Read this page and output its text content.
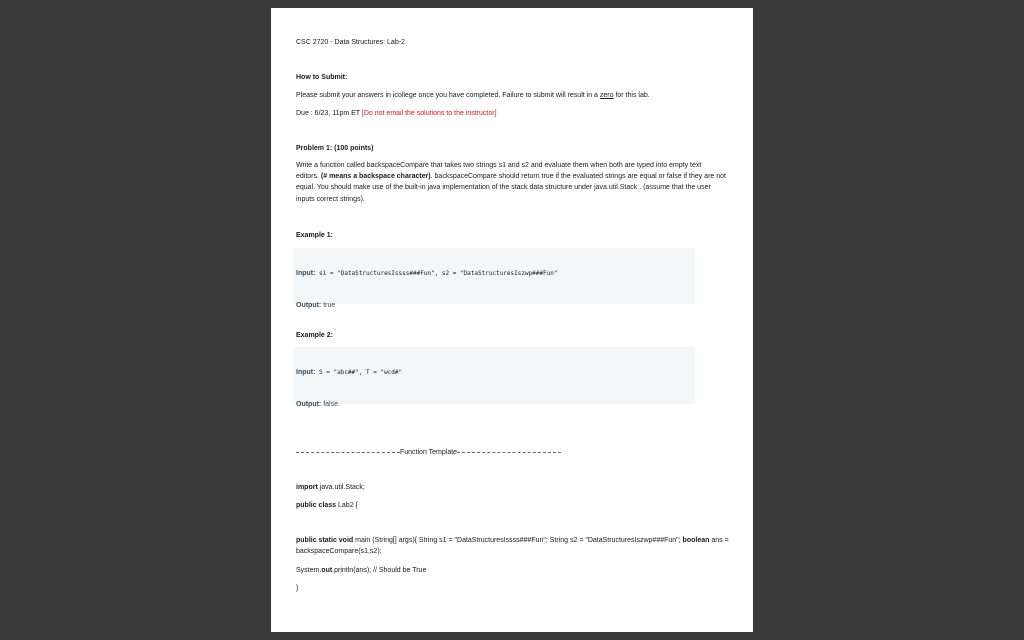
CSC 2720 - Data Structures: Lab-2
How to Submit:
Please submit your answers in icollege once you have completed. Failure to submit will result in a zero for this lab.
Due : 6/23, 11pm ET [Do not email the solutions to the instructor]
Problem 1: (100 points)
Write a function called backspaceCompare that takes two strings s1 and s2 and evaluate them when both are typed into empty text editors. (# means a backspace character). backspaceCompare should return true if the evaluated strings are equal or false if they are not equal. You should make use of the built-in java implementation of the stack data structure under java.util.Stack . (assume that the user inputs correct strings).
Example 1:
Input: s1 = "DataStructuresIssss###Fun", s2 = "DataStructuresIszwp###Fun"
Output: true
Example 2:
Input: S = "abc##", T = "wcd#"
Output: false
Function Template
import java.util.Stack;
public class Lab2 {
public static void main (String[] args){ String s1 = "DataStructuresIssss###Fun"; String s2 = "DataStructuresIszwp###Fun"; boolean ans = backspaceCompare(s1,s2);
System.out.println(ans); // Should be True
}
